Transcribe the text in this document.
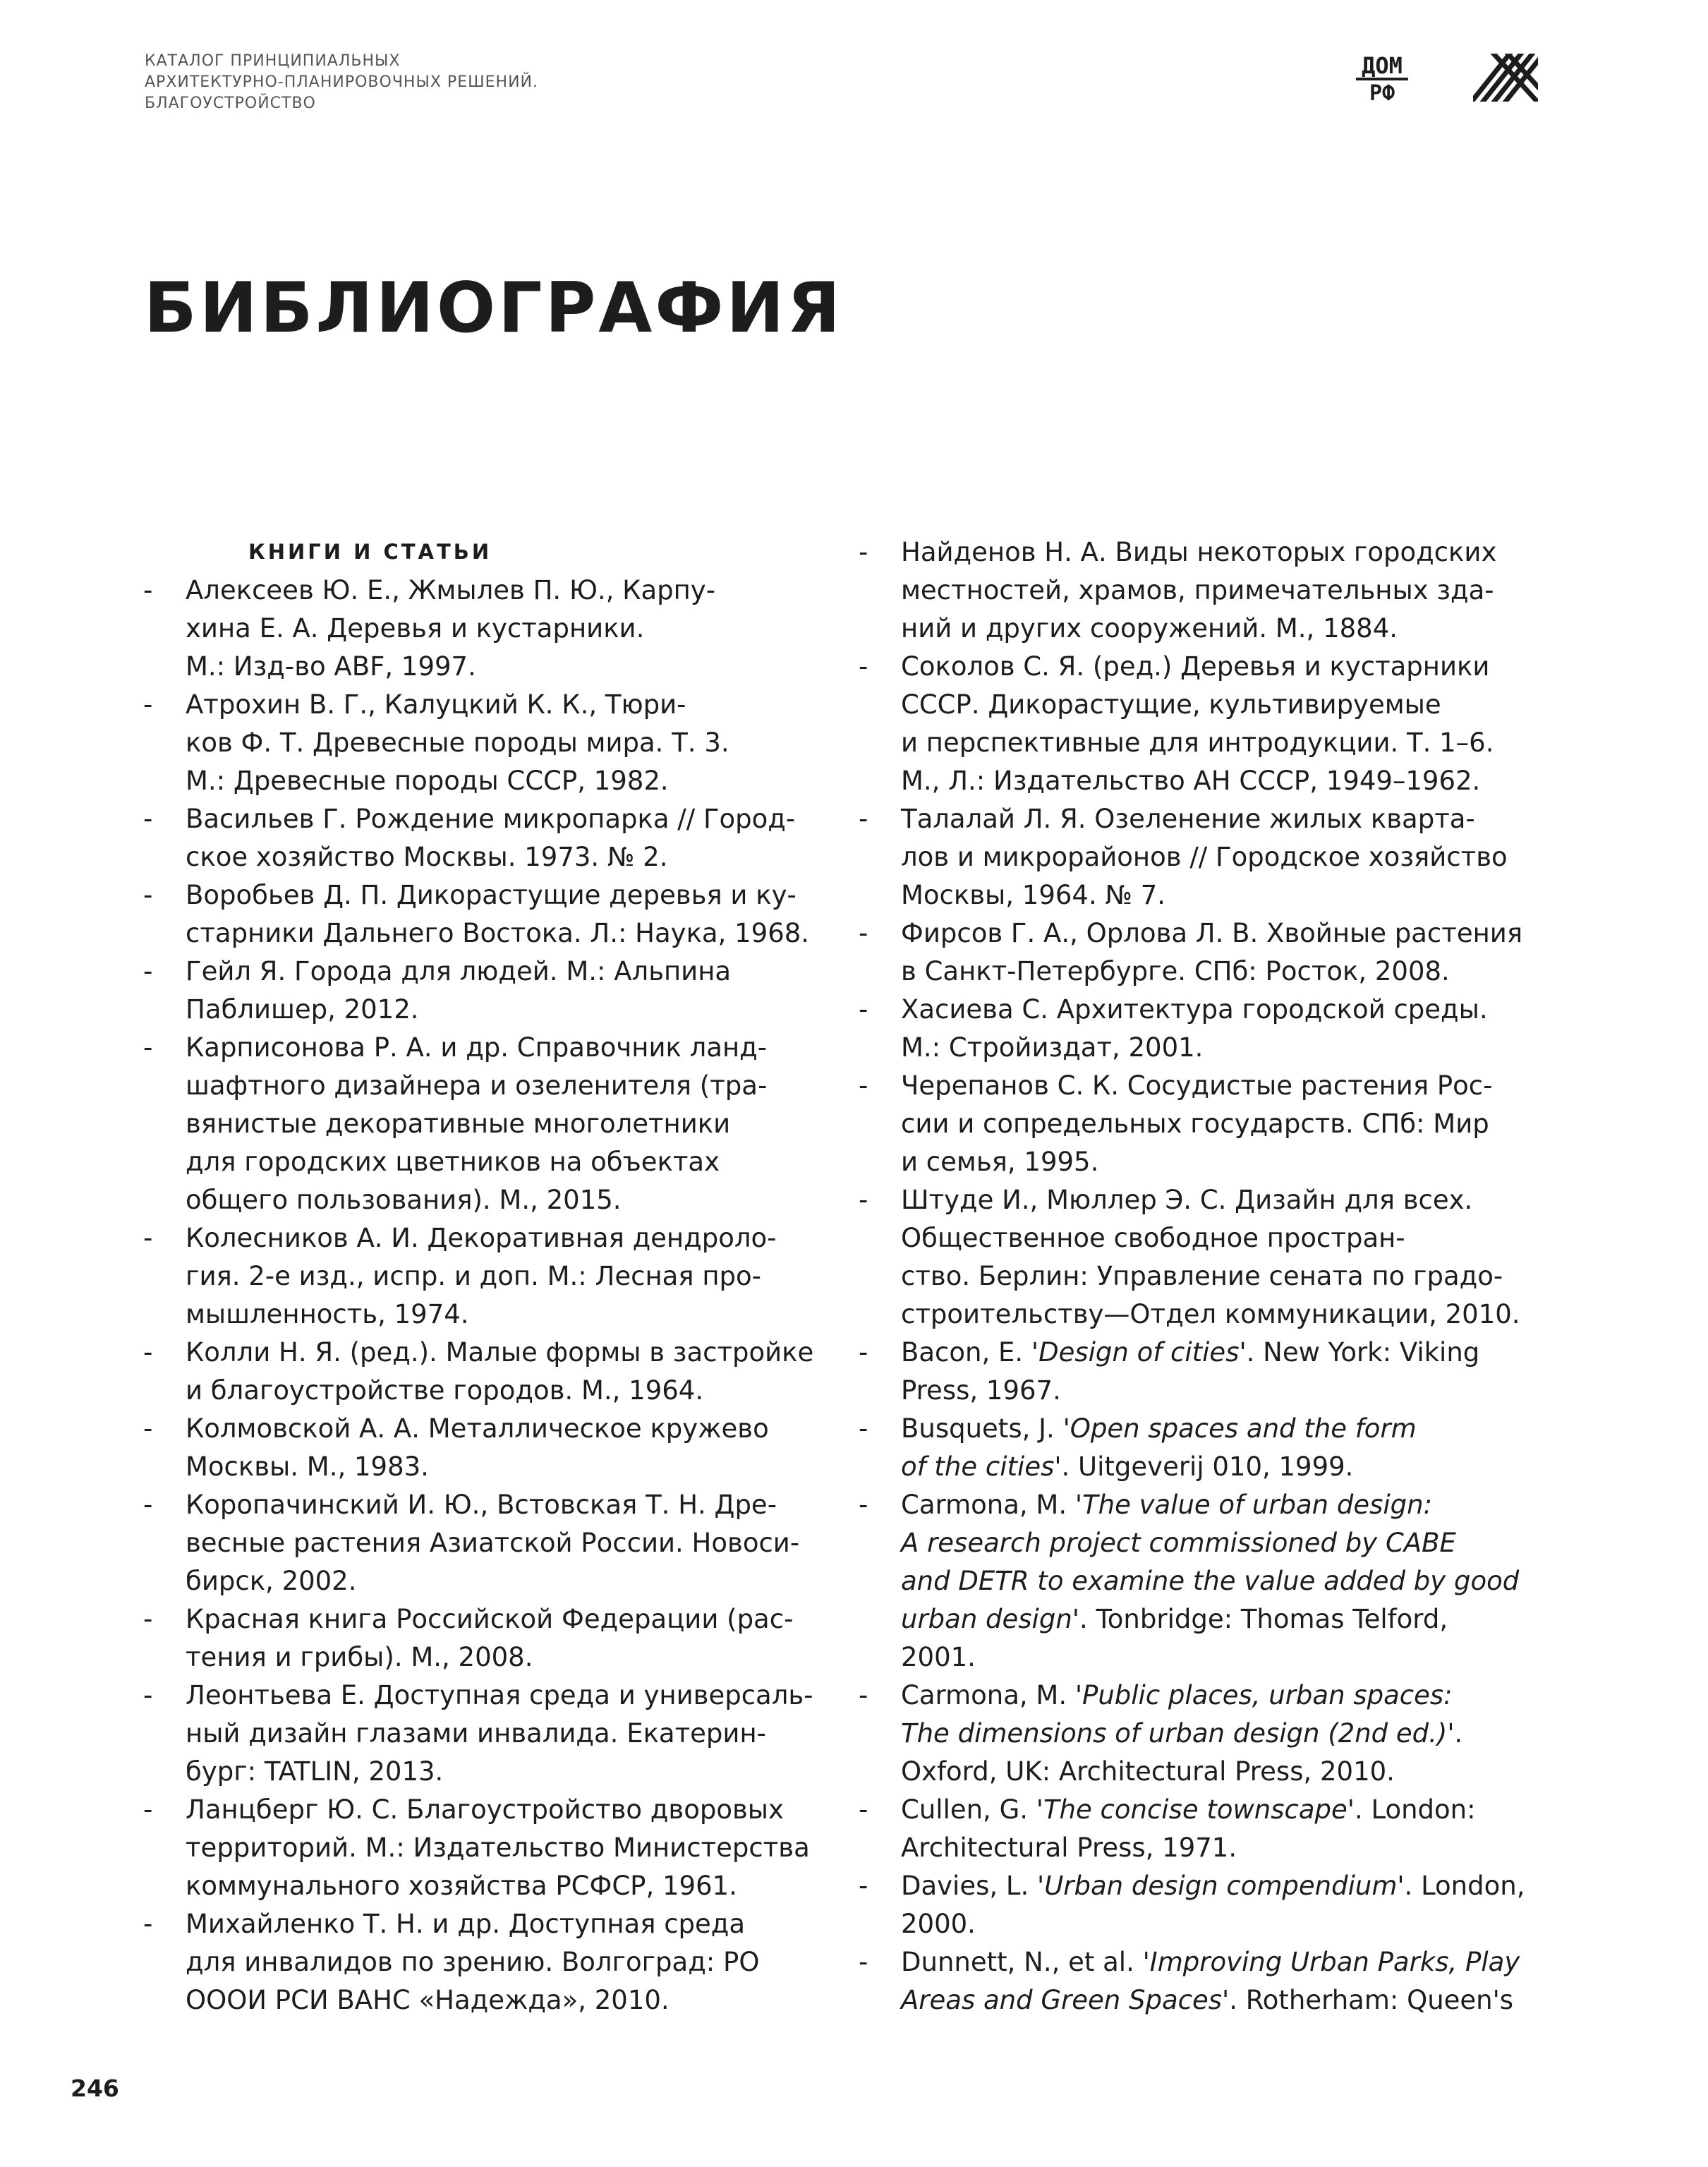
КАТАЛОГ ПРИНЦИПИАЛЬНЫХ
АРХИТЕКТУРНО-ПЛАНИРОВОЧНЫХ РЕШЕНИЙ.
БЛАГОУСТРОЙСТВО
ДОМ
РФ
БИБЛИОГРАФИЯ
КНИГИ И СТАТЬИ
- Алексеев Ю. Е., Жмылев П. Ю., Карпу-
хина Е. А. Деревья и кустарники.
М.: Изд-во ABF, 1997.
- Атрохин В. Г., Калуцкий К. К., Тюри-
ков Ф. Т. Древесные породы мира. Т. 3.
М.: Древесные породы СССР, 1982.
- Васильев Г. Рождение микропарка // Город-
ское хозяйство Москвы. 1973. № 2.
- Воробьев Д. П. Дикорастущие деревья и ку-
старники Дальнего Востока. Л.: Наука, 1968.
- Гейл Я. Города для людей. М.: Альпина
Паблишер, 2012.
- Карписонова Р. А. и др. Справочник ланд-
шафтного дизайнера и озеленителя (тра-
вянистые декоративные многолетники
для городских цветников на объектах
общего пользования). М., 2015.
- Колесников А. И. Декоративная дендроло-
гия. 2-е изд., испр. и доп. М.: Лесная про-
мышленность, 1974.
- Колли Н. Я. (ред.). Малые формы в застройке
и благоустройстве городов. М., 1964.
- Колмовской А. А. Металлическое кружево
Москвы. М., 1983.
- Коропачинский И. Ю., Встовская Т. Н. Дре-
весные растения Азиатской России. Новоси-
бирск, 2002.
- Красная книга Российской Федерации (рас-
тения и грибы). М., 2008.
- Леонтьева Е. Доступная среда и универсаль-
ный дизайн глазами инвалида. Екатерин-
бург: TATLIN, 2013.
- Ланцберг Ю. С. Благоустройство дворовых
территорий. М.: Издательство Министерства
коммунального хозяйства РСФСР, 1961.
- Михайленко Т. Н. и др. Доступная среда
для инвалидов по зрению. Волгоград: РО
ОООИ РСИ ВАНС «Надежда», 2010.
- Найденов Н. А. Виды некоторых городских
местностей, храмов, примечательных зда-
ний и других сооружений. М., 1884.
- Соколов С. Я. (ред.) Деревья и кустарники
СССР. Дикорастущие, культивируемые
и перспективные для интродукции. Т. 1–6.
М., Л.: Издательство АН СССР, 1949–1962.
- Талалай Л. Я. Озеленение жилых кварта-
лов и микрорайонов // Городское хозяйство
Москвы, 1964. № 7.
- Фирсов Г. А., Орлова Л. В. Хвойные растения
в Санкт-Петербурге. СПб: Росток, 2008.
- Хасиева С. Архитектура городской среды.
М.: Стройиздат, 2001.
- Черепанов С. К. Сосудистые растения Рос-
сии и сопредельных государств. СПб: Мир
и семья, 1995.
- Штуде И., Мюллер Э. С. Дизайн для всех.
Общественное свободное простран-
ство. Берлин: Управление сената по градо-
строительству—Отдел коммуникации, 2010.
- Bacon, E. 'Design of cities'. New York: Viking
Press, 1967.
- Busquets, J. 'Open spaces and the form
of the cities'. Uitgeverij 010, 1999.
- Carmona, M. 'The value of urban design:
A research project commissioned by CABE
and DETR to examine the value added by good
urban design'. Tonbridge: Thomas Telford,
2001.
- Carmona, M. 'Public places, urban spaces:
The dimensions of urban design (2nd ed.)'.
Oxford, UK: Architectural Press, 2010.
- Cullen, G. 'The concise townscape'. London:
Architectural Press, 1971.
- Davies, L. 'Urban design compendium'. London,
2000.
- Dunnett, N., et al. 'Improving Urban Parks, Play
Areas and Green Spaces'. Rotherham: Queen's
246
